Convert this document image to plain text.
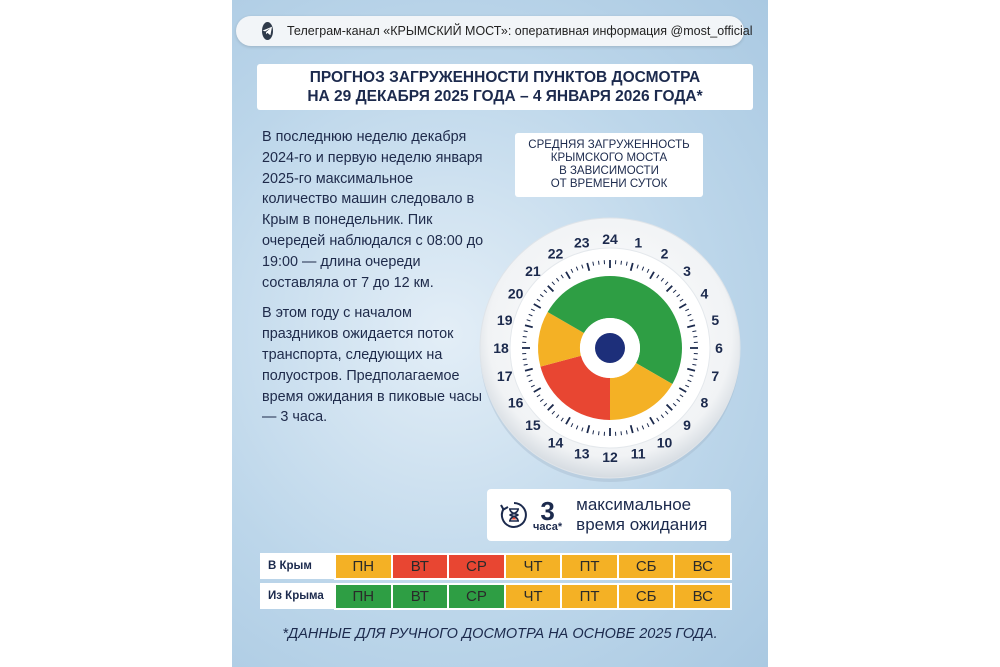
Телеграм-канал «КРЫМСКИЙ МОСТ»: оперативная информация @most_official
ПРОГНОЗ ЗАГРУЖЕННОСТИ ПУНКТОВ ДОСМОТРА
НА 29 ДЕКАБРЯ 2025 ГОДА – 4 ЯНВАРЯ 2026 ГОДА*
В последнюю неделю декабря 2024-го и первую неделю января 2025-го максимальное количество машин следовало в Крым в понедельник. Пик очередей наблюдался с 08:00 до 19:00 — длина очереди составляла от 7 до 12 км.
В этом году с началом праздников ожидается поток транспорта, следующих на полуостров. Предполагаемое время ожидания в пиковые часы — 3 часа.
СРЕДНЯЯ ЗАГРУЖЕННОСТЬ
КРЫМСКОГО МОСТА
В ЗАВИСИМОСТИ
ОТ ВРЕМЕНИ СУТОК
24 1
2
3
4
5
6
7
8
9
10
11
12
13
14
15
16
17
18
19
20
21
22
23
3
часа*
максимальное
время ожидания
В Крым	ПН	ВТ	СР	ЧТ	ПТ	СБ	ВС
Из Крыма	ПН	ВТ	СР	ЧТ	ПТ	СБ	ВС
*ДАННЫЕ ДЛЯ РУЧНОГО ДОСМОТРА НА ОСНОВЕ 2025 ГОДА.
